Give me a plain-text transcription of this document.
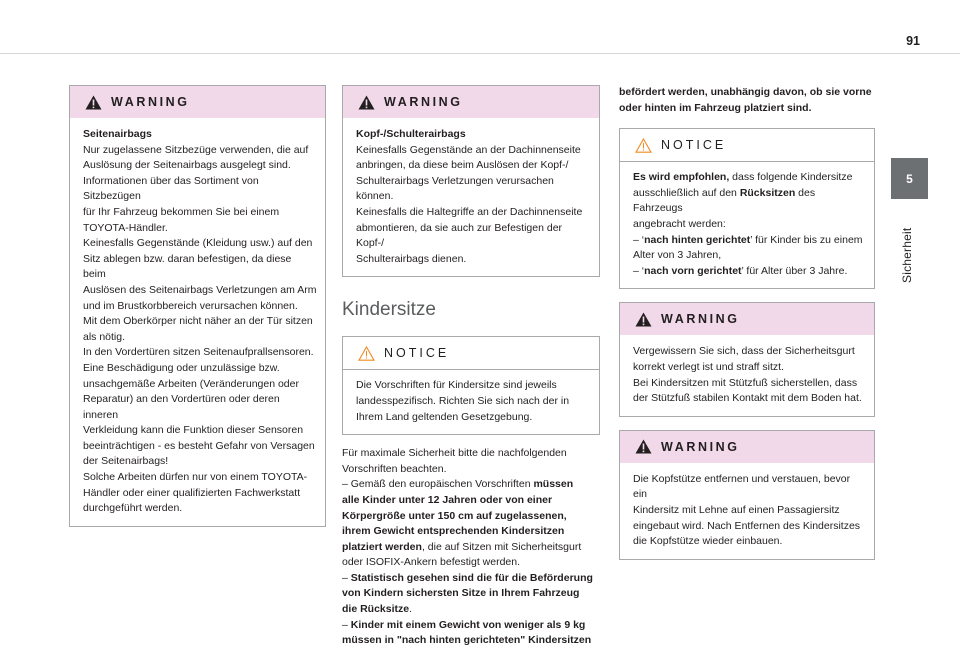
91
5
Sicherheit
WARNING

Seitenairbags

Nur zugelassene Sitzbezüge verwenden, die auf

Auslösung der Seitenairbags ausgelegt sind.

Informationen über das Sortiment von Sitzbezügen

für Ihr Fahrzeug bekommen Sie bei einem

TOYOTA-Händler.

Keinesfalls Gegenstände (Kleidung usw.) auf den

Sitz ablegen bzw. daran befestigen, da diese beim

Auslösen des Seitenairbags Verletzungen am Arm

und im Brustkorbbereich verursachen können.

Mit dem Oberkörper nicht näher an der Tür sitzen

als nötig.

In den Vordertüren sitzen Seitenaufprallsensoren.

Eine Beschädigung oder unzulässige bzw.

unsachgemäße Arbeiten (Veränderungen oder

Reparatur) an den Vordertüren oder deren inneren

Verkleidung kann die Funktion dieser Sensoren

beeinträchtigen - es besteht Gefahr von Versagen

der Seitenairbags!

Solche Arbeiten dürfen nur von einem TOYOTA-

Händler oder einer qualifizierten Fachwerkstatt

durchgeführt werden.

WARNING

Kopf-/Schulterairbags

Keinesfalls Gegenstände an der Dachinnenseite

anbringen, da diese beim Auslösen der Kopf-/

Schulterairbags Verletzungen verursachen können.

Keinesfalls die Haltegriffe an der Dachinnenseite

abmontieren, da sie auch zur Befestigen der Kopf-/

Schulterairbags dienen.

Kindersitze
NOTICE

Die Vorschriften für Kindersitze sind jeweils

landesspezifisch. Richten Sie sich nach der in

Ihrem Land geltenden Gesetzgebung.

Für maximale Sicherheit bitte die nachfolgenden

Vorschriften beachten.

– Gemäß den europäischen Vorschriften müssen

alle Kinder unter 12 Jahren oder von einer

Körpergröße unter 150 cm auf zugelassenen,

ihrem Gewicht entsprechenden Kindersitzen

platziert werden, die auf Sitzen mit Sicherheitsgurt

oder ISOFIX-Ankern befestigt werden.

– Statistisch gesehen sind die für die Beförderung

von Kindern sichersten Sitze in Ihrem Fahrzeug

die Rücksitze.

– Kinder mit einem Gewicht von weniger als 9 kg

müssen in "nach hinten gerichteten" Kindersitzen

befördert werden, unabhängig davon, ob sie vorne

oder hinten im Fahrzeug platziert sind.

NOTICE

Es wird empfohlen, dass folgende Kindersitze

ausschließlich auf den Rücksitzen des Fahrzeugs

angebracht werden:

– ‘nach hinten gerichtet’ für Kinder bis zu einem

Alter von 3 Jahren,

– ‘nach vorn gerichtet’ für Alter über 3 Jahre.

WARNING

Vergewissern Sie sich, dass der Sicherheitsgurt

korrekt verlegt ist und straff sitzt.

Bei Kindersitzen mit Stützfuß sicherstellen, dass

der Stützfuß stabilen Kontakt mit dem Boden hat.

WARNING

Die Kopfstütze entfernen und verstauen, bevor ein

Kindersitz mit Lehne auf einen Passagiersitz

eingebaut wird. Nach Entfernen des Kindersitzes

die Kopfstütze wieder einbauen.
